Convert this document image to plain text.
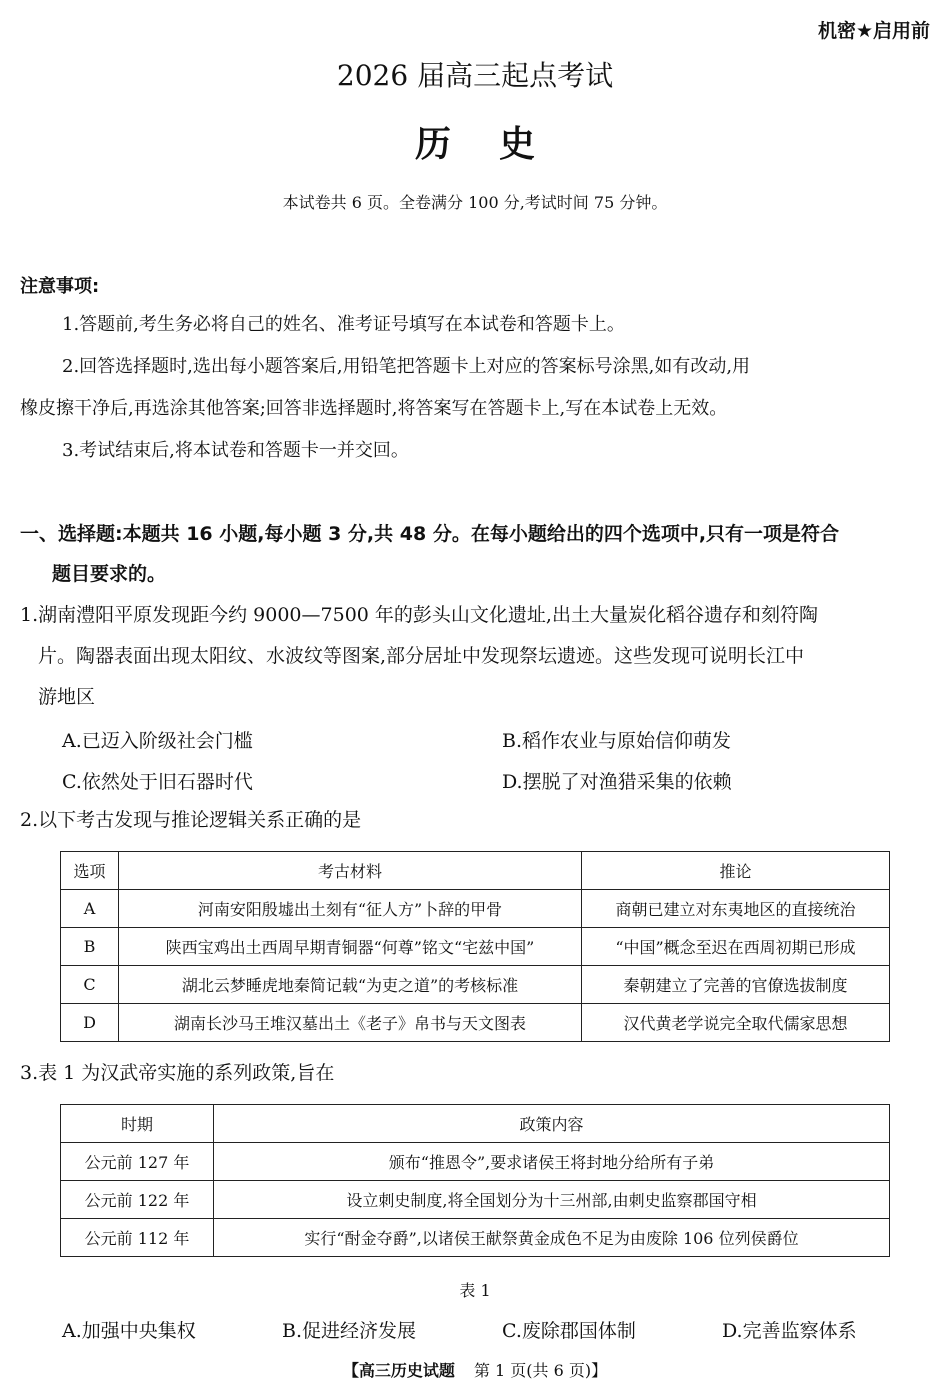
机密★启用前
2026 届高三起点考试
历史
本试卷共 6 页。全卷满分 100 分,考试时间 75 分钟。
注意事项:
1.答题前,考生务必将自己的姓名、准考证号填写在本试卷和答题卡上。
2.回答选择题时,选出每小题答案后,用铅笔把答题卡上对应的答案标号涂黑,如有改动,用
橡皮擦干净后,再选涂其他答案;回答非选择题时,将答案写在答题卡上,写在本试卷上无效。
3.考试结束后,将本试卷和答题卡一并交回。
一、选择题:本题共 16 小题,每小题 3 分,共 48 分。在每小题给出的四个选项中,只有一项是符合
题目要求的。
1.湖南澧阳平原发现距今约 9000—7500 年的彭头山文化遗址,出土大量炭化稻谷遗存和刻符陶
片。陶器表面出现太阳纹、水波纹等图案,部分居址中发现祭坛遗迹。这些发现可说明长江中
游地区
A.已迈入阶级社会门槛	B.稻作农业与原始信仰萌发
C.依然处于旧石器时代	D.摆脱了对渔猎采集的依赖
2.以下考古发现与推论逻辑关系正确的是
选项	考古材料	推论
A	河南安阳殷墟出土刻有“征人方”卜辞的甲骨	商朝已建立对东夷地区的直接统治
B	陕西宝鸡出土西周早期青铜器“何尊”铭文“宅兹中国”	“中国”概念至迟在西周初期已形成
C	湖北云梦睡虎地秦简记载“为吏之道”的考核标准	秦朝建立了完善的官僚选拔制度
D	湖南长沙马王堆汉墓出土《老子》帛书与天文图表	汉代黄老学说完全取代儒家思想
3.表 1 为汉武帝实施的系列政策,旨在
时期	政策内容
公元前 127 年	颁布“推恩令”,要求诸侯王将封地分给所有子弟
公元前 122 年	设立刺史制度,将全国划分为十三州部,由刺史监察郡国守相
公元前 112 年	实行“酎金夺爵”,以诸侯王献祭黄金成色不足为由废除 106 位列侯爵位
表 1
A.加强中央集权	B.促进经济发展	C.废除郡国体制	D.完善监察体系
【高三历史试题 第 1 页(共 6 页)】
